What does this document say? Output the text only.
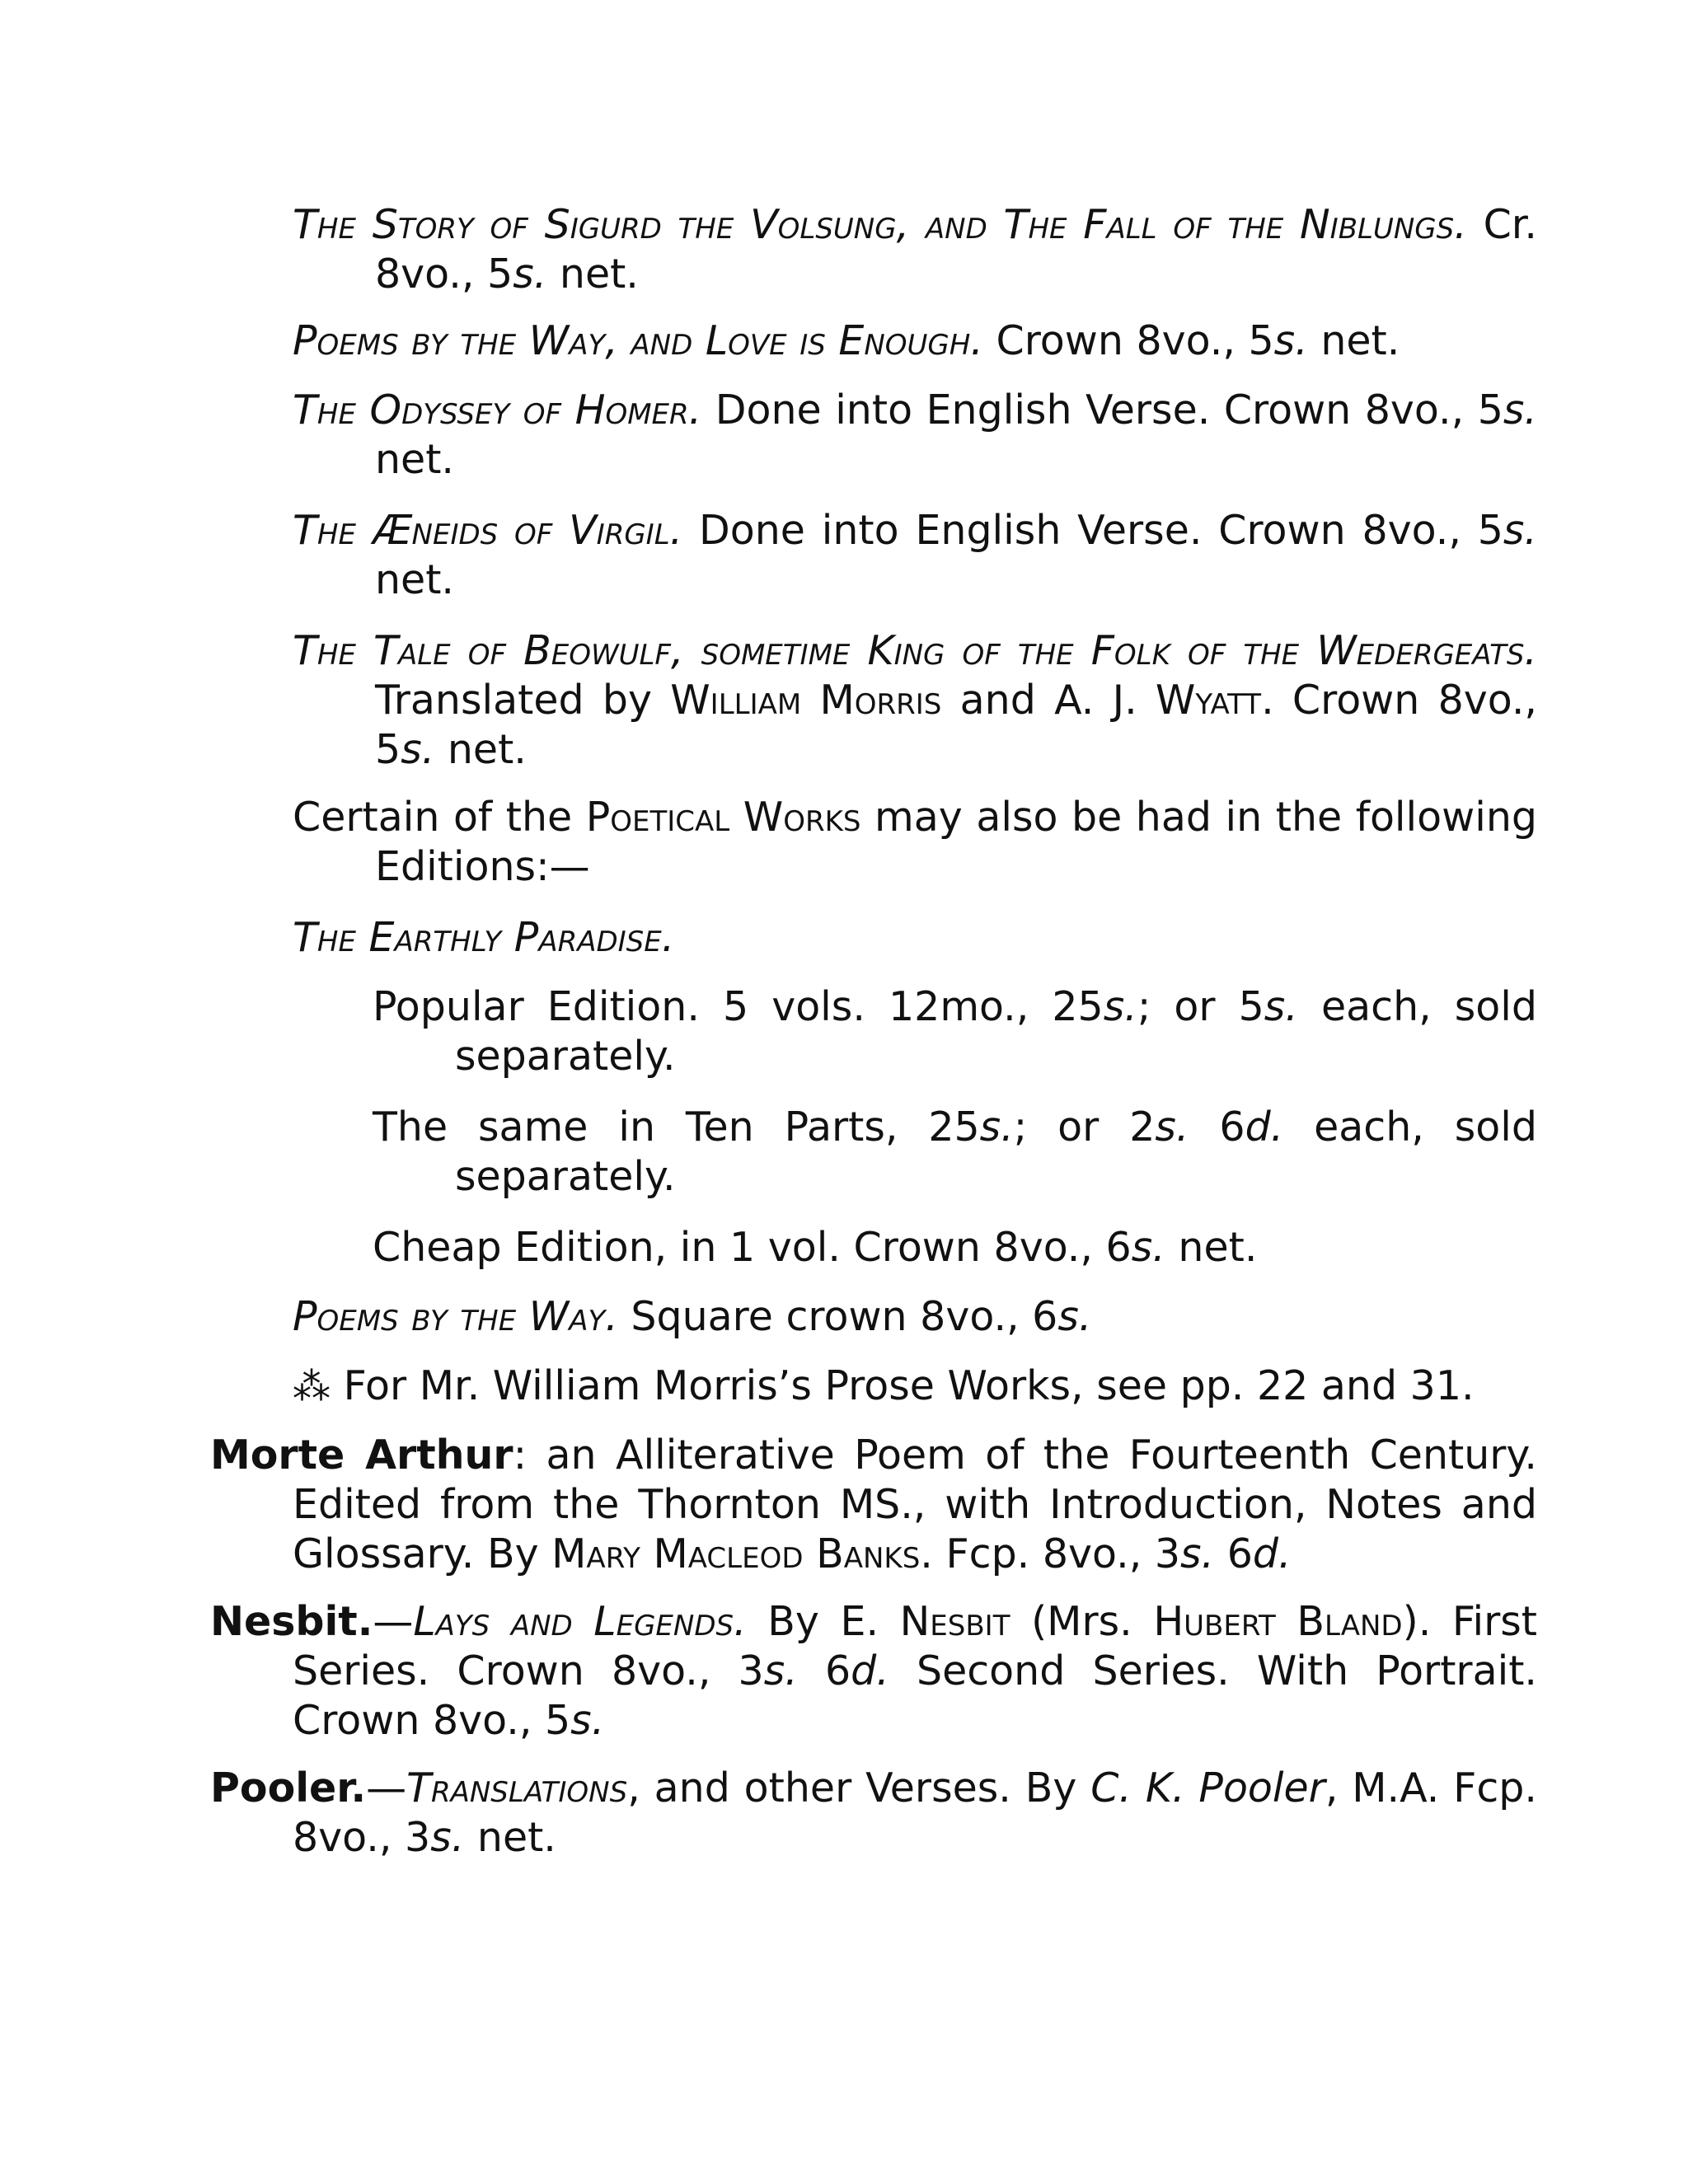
The Story of Sigurd the Volsung, and The Fall of the Niblungs. Cr. 8vo., 5s. net.

Poems by the Way, and Love is Enough. Crown 8vo., 5s. net.

The Odyssey of Homer. Done into English Verse. Crown 8vo., 5s. net.

The Æneids of Virgil. Done into English Verse. Crown 8vo., 5s. net.

The Tale of Beowulf, sometime King of the Folk of the Wedergeats. Translated by William Morris and A. J. Wyatt. Crown 8vo., 5s. net.

Certain of the Poetical Works may also be had in the following Editions:—

The Earthly Paradise.

Popular Edition. 5 vols. 12mo., 25s.; or 5s. each, sold separately.

The same in Ten Parts, 25s.; or 2s. 6d. each, sold separately.

Cheap Edition, in 1 vol. Crown 8vo., 6s. net.

Poems by the Way. Square crown 8vo., 6s.

⁂ For Mr. William Morris’s Prose Works, see pp. 22 and 31.

Morte Arthur: an Alliterative Poem of the Fourteenth Century. Edited from the Thornton MS., with Introduction, Notes and Glossary. By Mary Macleod Banks. Fcp. 8vo., 3s. 6d.

Nesbit.—Lays and Legends. By E. Nesbit (Mrs. Hubert Bland). First Series. Crown 8vo., 3s. 6d. Second Series. With Portrait. Crown 8vo., 5s.

Pooler.—Translations, and other Verses. By C. K. Pooler, M.A. Fcp. 8vo., 3s. net.
